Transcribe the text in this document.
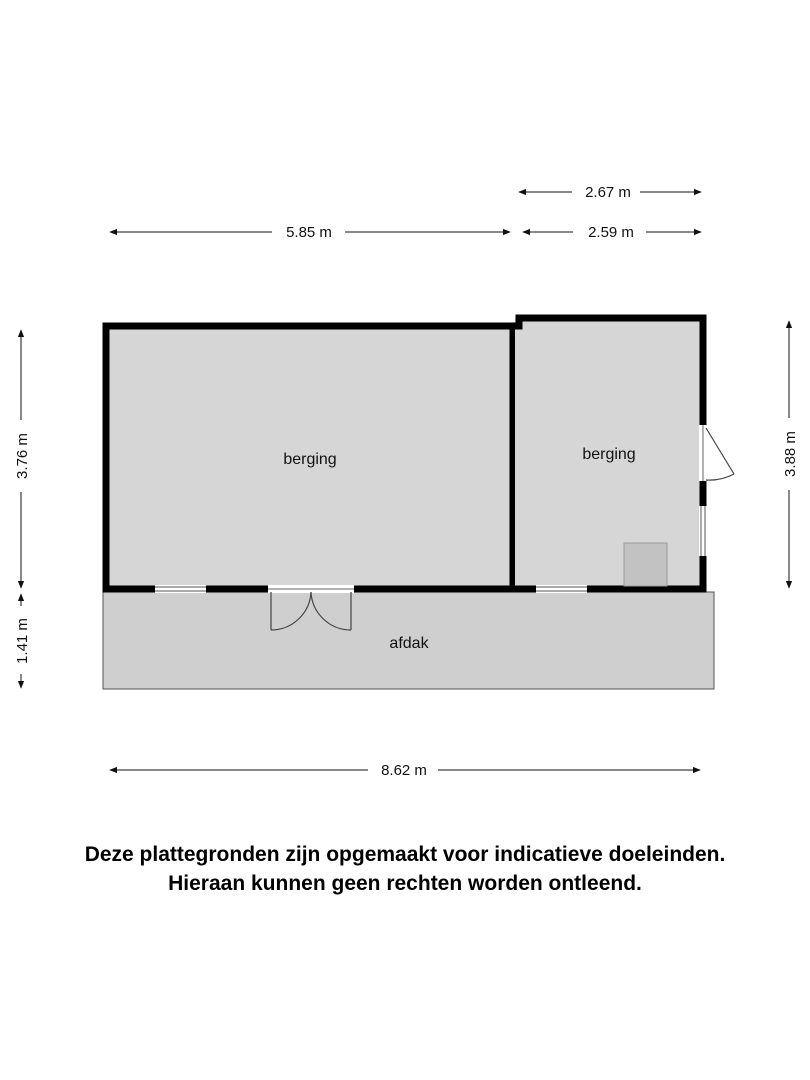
2.67 m
5.85 m	2.59 m
3.76 m
1.41 m
3.88 m
8.62 m
berging	berging
afdak
Deze plattegronden zijn opgemaakt voor indicatieve doeleinden.
Hieraan kunnen geen rechten worden ontleend.
